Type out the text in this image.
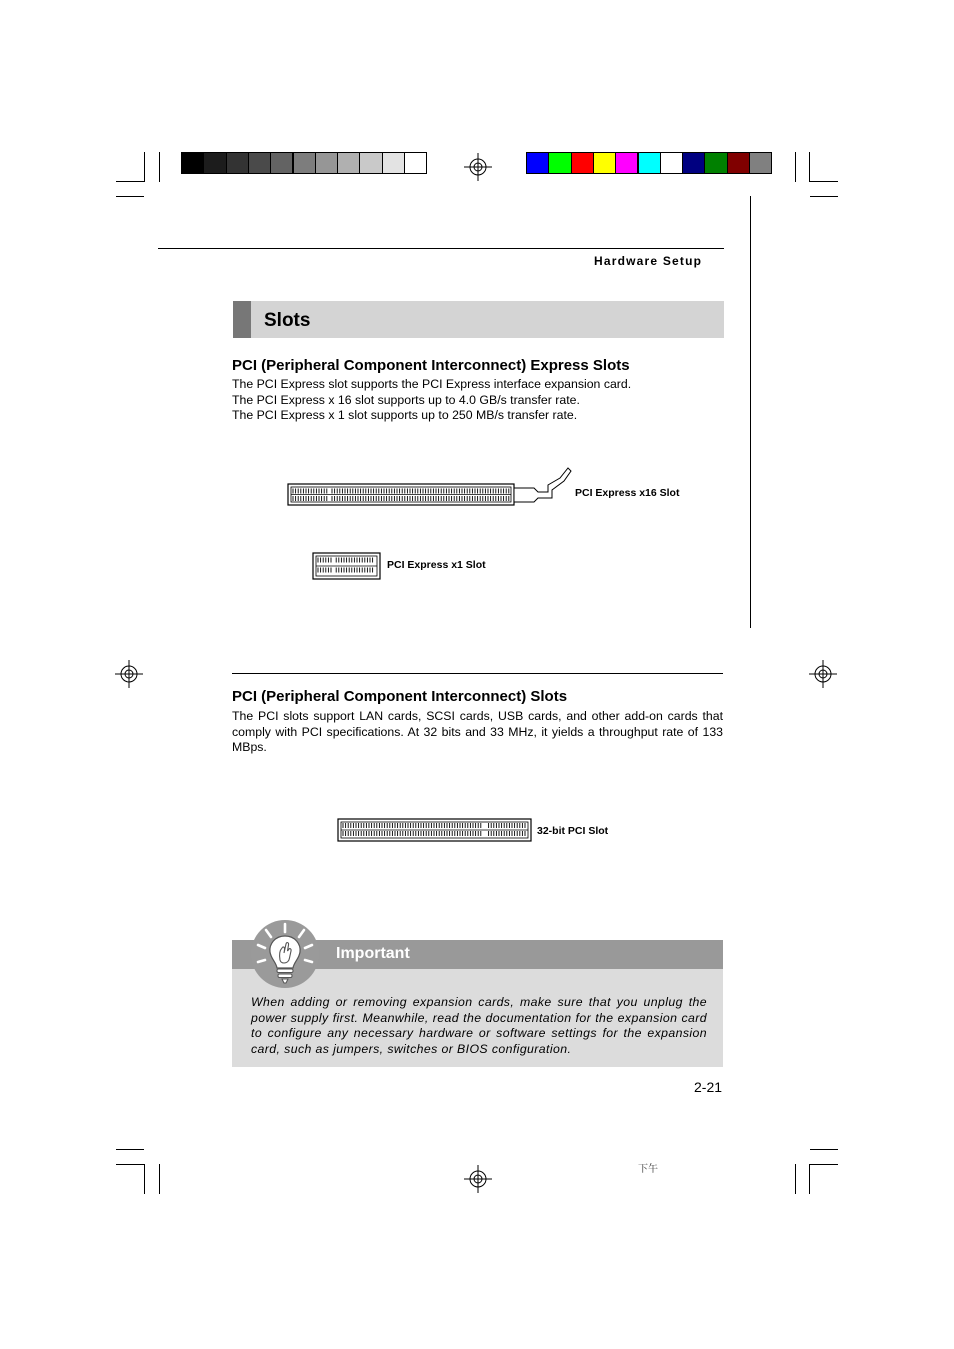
Hardware Setup
Slots
PCI (Peripheral Component Interconnect) Express Slots

The PCI Express slot supports the PCI Express interface expansion card.

The PCI Express x 16 slot supports up to 4.0 GB/s transfer rate.

The PCI Express x 1 slot supports up to 250 MB/s transfer rate.

PCI Express x16 Slot
PCI Express x1 Slot
PCI (Peripheral Component Interconnect) Slots

The PCI slots support LAN cards, SCSI cards, USB cards, and other add-on cards that comply with PCI specifications. At 32 bits and 33 MHz, it yields a throughput rate of 133 MBps.

32-bit PCI Slot
Important

When adding or removing expansion cards, make sure that you unplug the power supply first. Meanwhile, read the documentation for the expansion card to configure any necessary hardware or software settings for the expansion card, such as jumpers, switches or BIOS configuration.

2-21
下午
